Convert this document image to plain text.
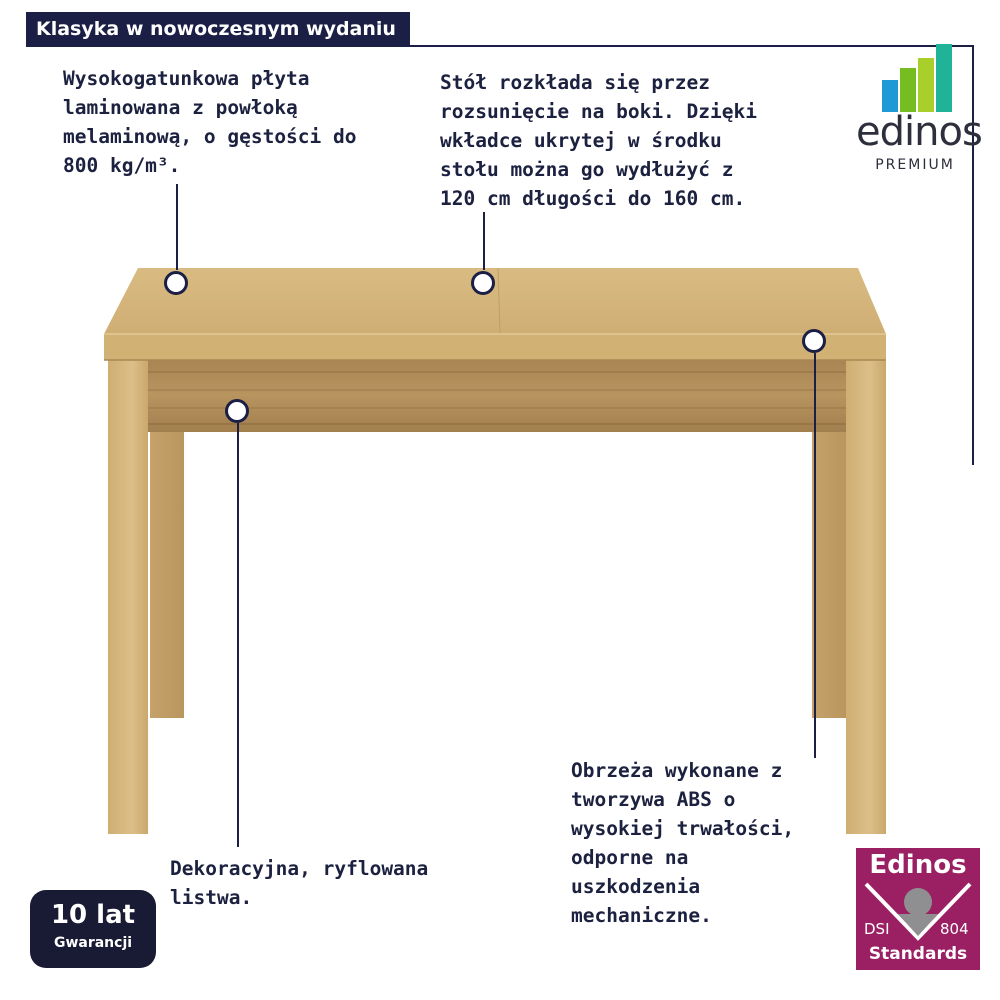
Klasyka w nowoczesnym wydaniu
Wysokogatunkowa płyta
laminowana z powłoką
melaminową, o gęstości do
800 kg/m³.
Stół rozkłada się przez
rozsunięcie na boki. Dzięki
wkładce ukrytej w środku
stołu można go wydłużyć z
120 cm długości do 160 cm.
Dekoracyjna, ryflowana
listwa.
Obrzeża wykonane z
tworzywa ABS o
wysokiej trwałości,
odporne na
uszkodzenia
mechaniczne.
edinos
PREMIUM
10 lat
Gwarancji
Edinos
DSI	804
Standards
